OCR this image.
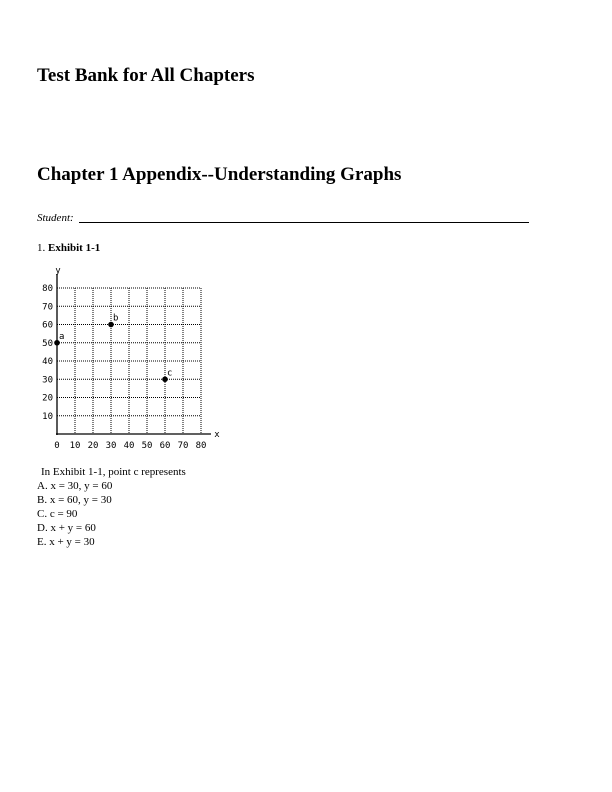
Test Bank for All Chapters
Chapter 1 Appendix--Understanding Graphs
Student:
1. Exhibit 1-1
y
x
0 10 20 30 40 50 60 70 80
10
20
30
40
50
60
70
80
a
b
c
In Exhibit 1-1, point c represents
A. x = 30, y = 60
B. x = 60, y = 30
C. c = 90
D. x + y = 60
E. x + y = 30
